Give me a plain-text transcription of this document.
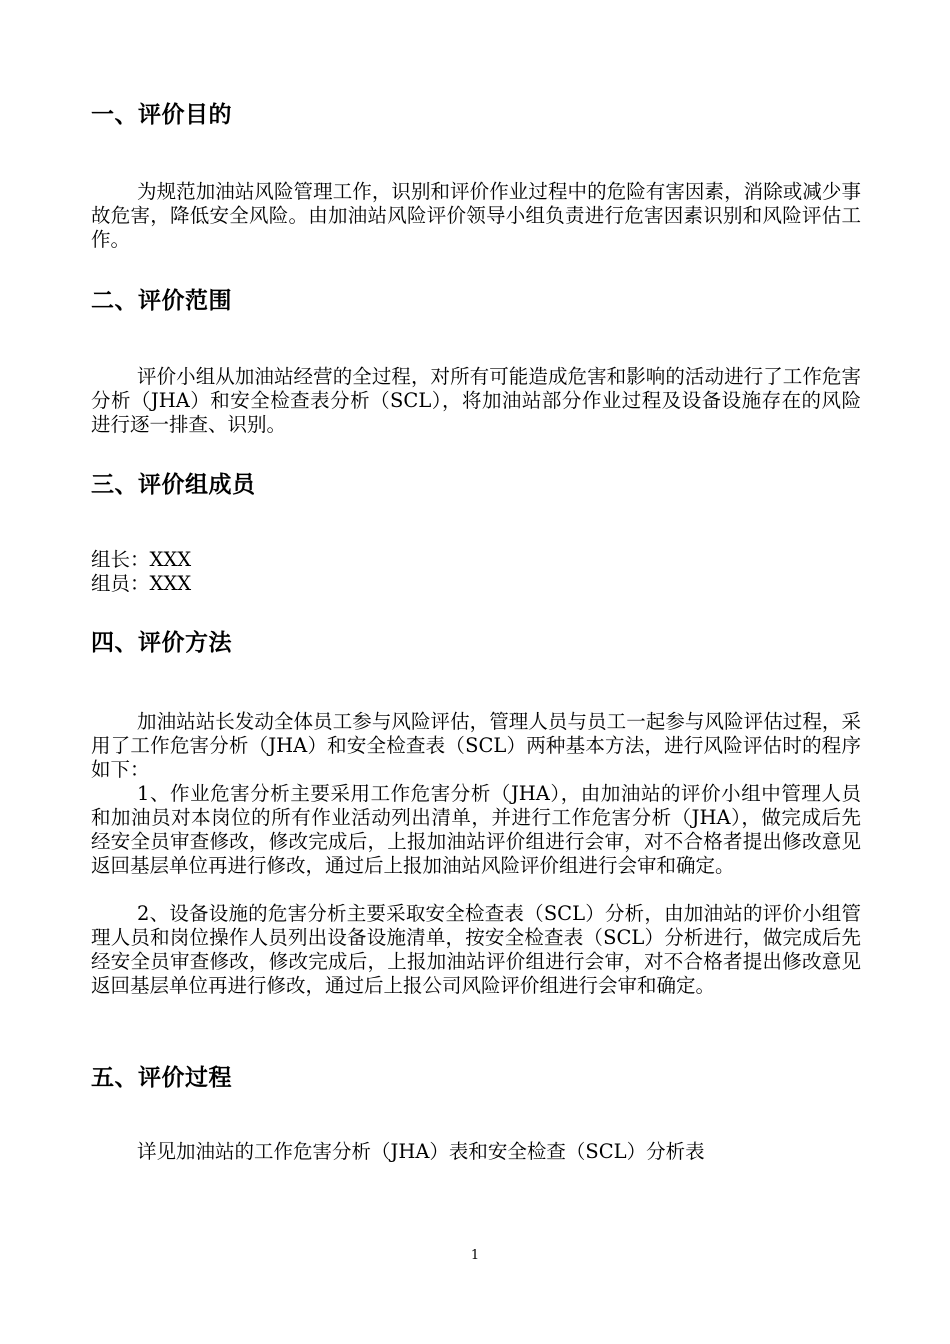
一、评价目的

为规范加油站风险管理工作，识别和评价作业过程中的危险有害因素，消除或减少事故危害，降低安全风险。由加油站风险评价领导小组负责进行危害因素识别和风险评估工作。

二、评价范围

评价小组从加油站经营的全过程，对所有可能造成危害和影响的活动进行了工作危害分析（JHA）和安全检查表分析（SCL），将加油站部分作业过程及设备设施存在的风险进行逐一排查、识别。

三、评价组成员

组长：XXX

组员：XXX

四、评价方法

加油站站长发动全体员工参与风险评估，管理人员与员工一起参与风险评估过程，采用了工作危害分析（JHA）和安全检查表（SCL）两种基本方法，进行风险评估时的程序如下：

1、作业危害分析主要采用工作危害分析（JHA），由加油站的评价小组中管理人员和加油员对本岗位的所有作业活动列出清单，并进行工作危害分析（JHA），做完成后先经安全员审查修改，修改完成后，上报加油站评价组进行会审，对不合格者提出修改意见返回基层单位再进行修改，通过后上报加油站风险评价组进行会审和确定。

2、设备设施的危害分析主要采取安全检查表（SCL）分析，由加油站的评价小组管理人员和岗位操作人员列出设备设施清单，按安全检查表（SCL）分析进行，做完成后先经安全员审查修改，修改完成后，上报加油站评价组进行会审，对不合格者提出修改意见返回基层单位再进行修改，通过后上报公司风险评价组进行会审和确定。

五、评价过程

详见加油站的工作危害分析（JHA）表和安全检查（SCL）分析表

1
